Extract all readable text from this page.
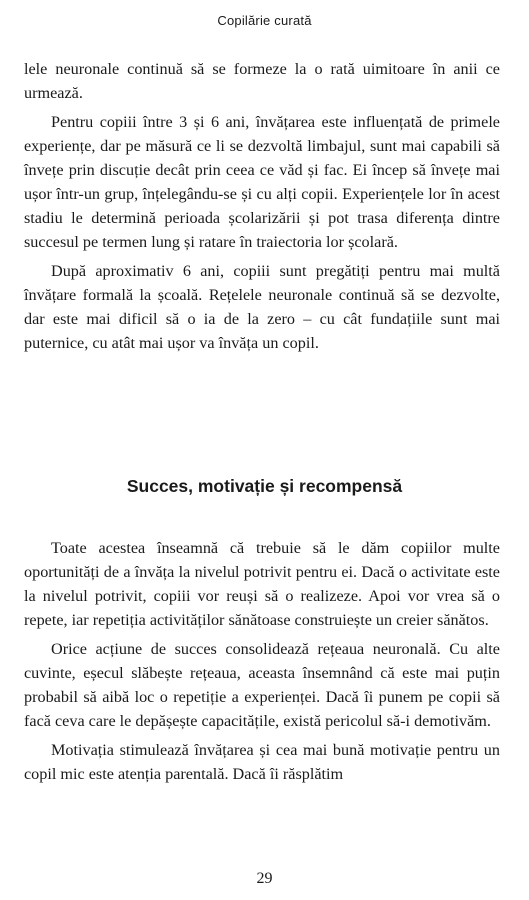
Copilărie curată

lele neuronale continuă să se formeze la o rată uimitoare în anii ce urmează.

Pentru copiii între 3 și 6 ani, învățarea este influențată de primele experiențe, dar pe măsură ce li se dezvoltă limbajul, sunt mai capabili să învețe prin discuție decât prin ceea ce văd și fac. Ei încep să învețe mai ușor într-un grup, înțelegându-se și cu alți copii. Experiențele lor în acest stadiu le determină perioada școlarizării și pot trasa diferența dintre succesul pe termen lung și ratare în traiectoria lor școlară.

După aproximativ 6 ani, copiii sunt pregătiți pentru mai multă învățare formală la școală. Rețelele neuronale continuă să se dezvolte, dar este mai dificil să o ia de la zero – cu cât fundațiile sunt mai puternice, cu atât mai ușor va învăța un copil.

Succes, motivație și recompensă

Toate acestea înseamnă că trebuie să le dăm copiilor multe oportunități de a învăța la nivelul potrivit pentru ei. Dacă o activitate este la nivelul potrivit, copiii vor reuși să o realizeze. Apoi vor vrea să o repete, iar repetiția activităților sănătoase construiește un creier sănătos.

Orice acțiune de succes consolidează rețeaua neuronală. Cu alte cuvinte, eșecul slăbește rețeaua, aceasta însemnând că este mai puțin probabil să aibă loc o repetiție a experienței. Dacă îi punem pe copii să facă ceva care le depășește capacitățile, există pericolul să-i demotivăm.

Motivația stimulează învățarea și cea mai bună motivație pentru un copil mic este atenția parentală. Dacă îi răsplătim

29
